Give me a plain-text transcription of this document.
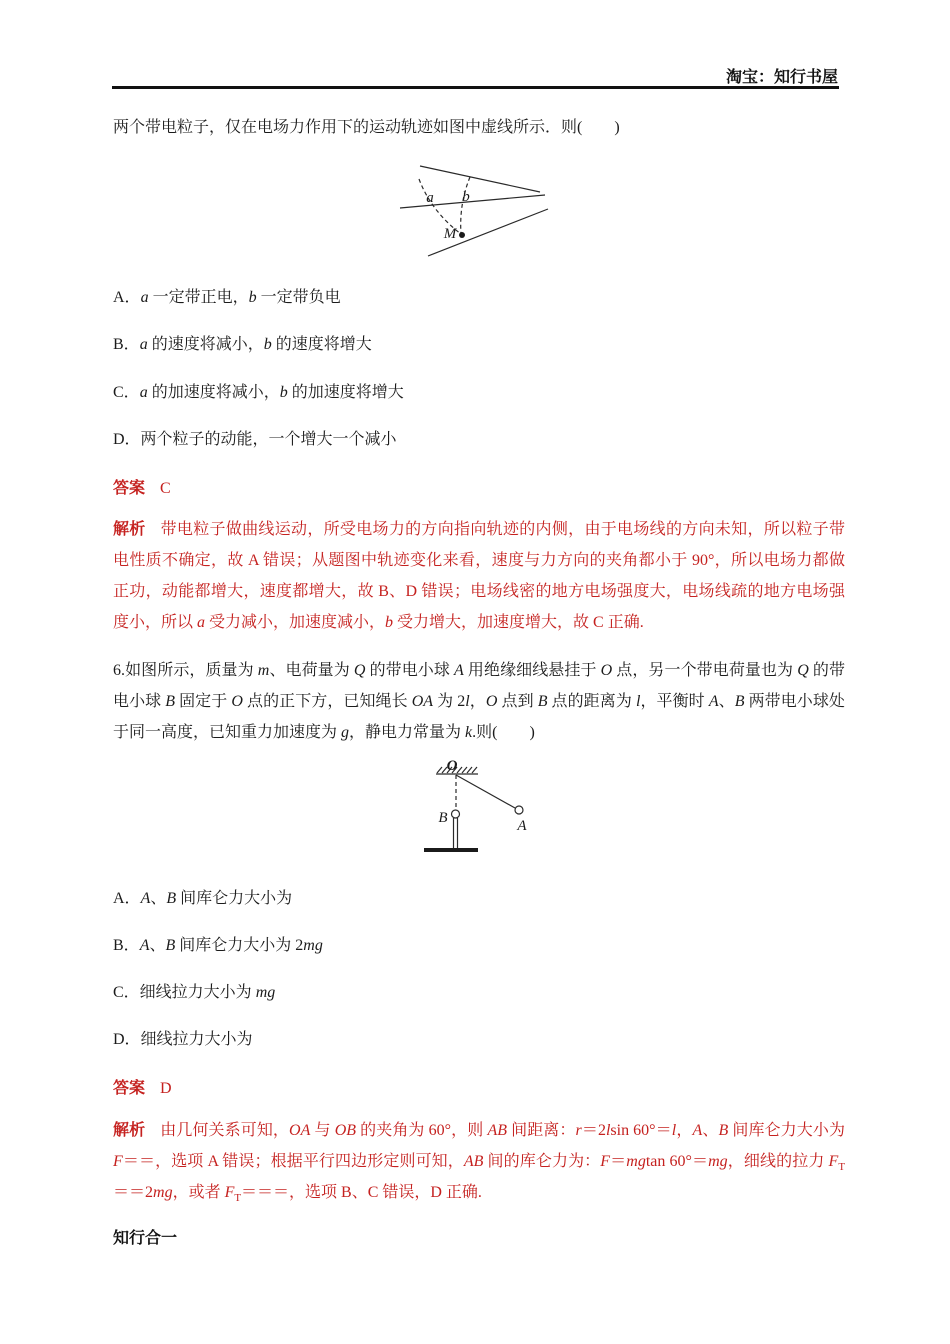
淘宝：知行书屋
两个带电粒子，仅在电场力作用下的运动轨迹如图中虚线所示．则(　　)
a b
M
A．a 一定带正电，b 一定带负电
B．a 的速度将减小，b 的速度将增大
C．a 的加速度将减小，b 的加速度将增大
D．两个粒子的动能，一个增大一个减小
答案 C
解析 带电粒子做曲线运动，所受电场力的方向指向轨迹的内侧，由于电场线的方向未知，所以粒子带电性质不确定，故 A 错误；从题图中轨迹变化来看，速度与力方向的夹角都小于 90°，所以电场力都做正功，动能都增大，速度都增大，故 B、D 错误；电场线密的地方电场强度大，电场线疏的地方电场强度小，所以 a 受力减小，加速度减小，b 受力增大，加速度增大，故 C 正确.
6.如图所示，质量为 m、电荷量为 Q 的带电小球 A 用绝缘细线悬挂于 O 点，另一个带电荷量也为 Q 的带电小球 B 固定于 O 点的正下方，已知绳长 OA 为 2l，O 点到 B 点的距离为 l，平衡时 A、B 两带电小球处于同一高度，已知重力加速度为 g，静电力常量为 k.则(　　)
O
A
B
A．A、B 间库仑力大小为
B．A、B 间库仑力大小为 2mg
C．细线拉力大小为 mg
D．细线拉力大小为
答案 D
解析 由几何关系可知，OA 与 OB 的夹角为 60°，则 AB 间距离：r＝2lsin 60°＝l，A、B 间库仑力大小为 F＝＝，选项 A 错误；根据平行四边形定则可知，AB 间的库仑力为：F＝mgtan 60°＝mg，细线的拉力 $F_T==2mg$，或者 $F_T===$，选项 B、C 错误，D 正确.
知行合一
